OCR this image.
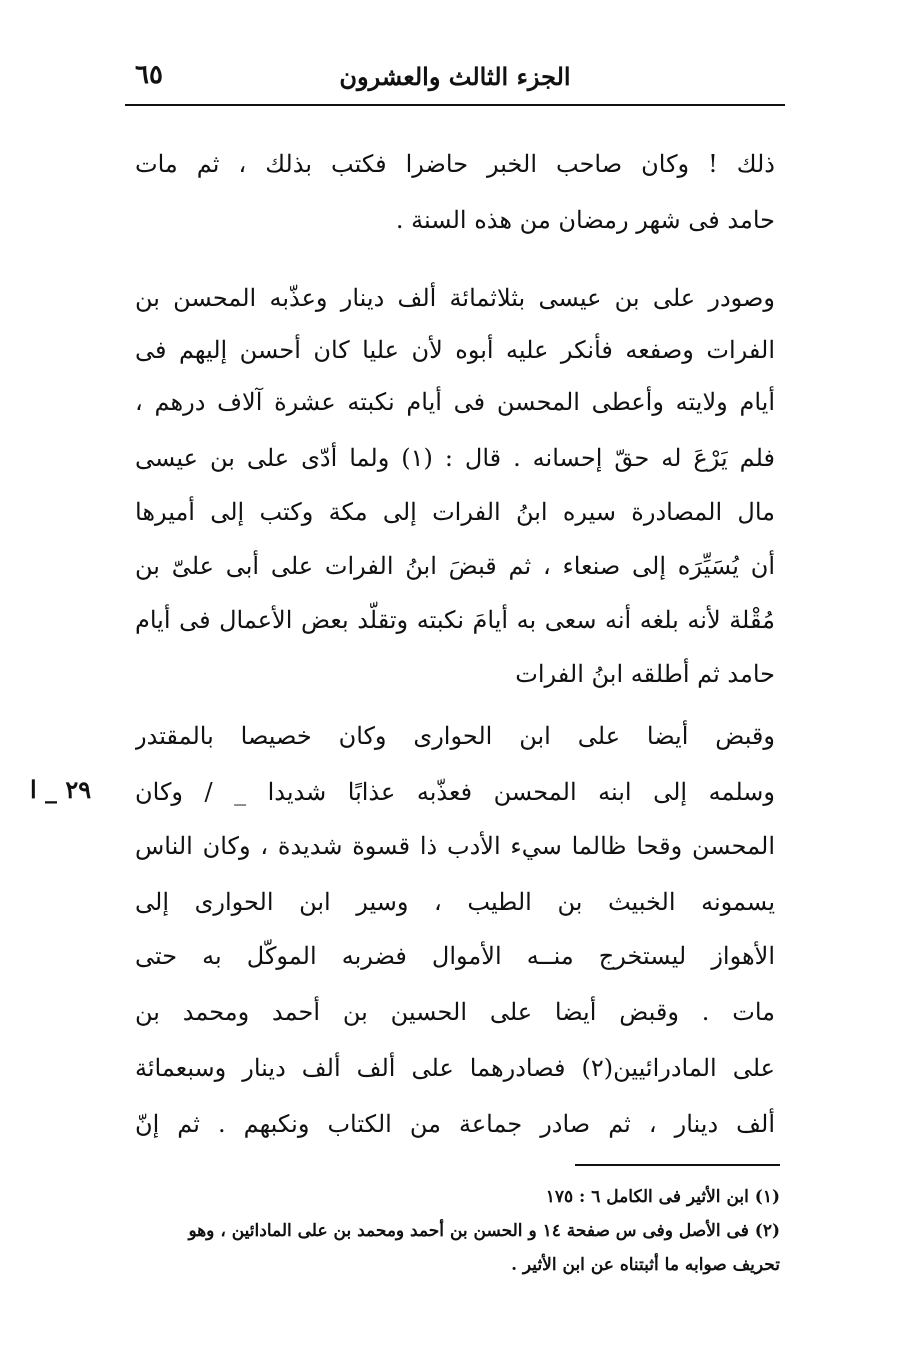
الجزء الثالث والعشرون
٦٥
ذلك ! وكان صاحب الخبر حاضرا فكتب بذلك ، ثم مات
حامد فى شهر رمضان من هذه السنة .
وصودر على بن عيسى بثلاثمائة ألف دينار وعذّبه المحسن بن
الفرات وصفعه فأنكر عليه أبوه لأن عليا كان أحسن إليهم فى
أيام ولايته وأعطى المحسن فى أيام نكبته عشرة آلاف درهم ،
فلم يَرْعَ له حقّ إحسانه . قال : (١) ولما أدّى على بن عيسى
مال المصادرة سيره ابنُ الفرات إلى مكة وكتب إلى أميرها
أن يُسَيِّرَه إلى صنعاء ، ثم قبضَ ابنُ الفرات على أبى علىّ بن
مُقْلة لأنه بلغه أنه سعى به أيامَ نكبته وتقلّد بعض الأعمال فى أيام
حامد ثم أطلقه ابنُ الفرات
وقبض أيضا على ابن الحوارى وكان خصيصا بالمقتدر
وسلمه إلى ابنه المحسن فعذّبه عذابًا شديدا _ / وكان
المحسن وقحا ظالما سيء الأدب ذا قسوة شديدة ، وكان الناس
يسمونه الخبيث بن الطيب ، وسير ابن الحوارى إلى
الأهواز ليستخرج منــه الأموال فضربه الموكّل به حتى
مات . وقبض أيضا على الحسين بن أحمد ومحمد بن
على المادرائيين(٢) فصادرهما على ألف ألف دينار وسبعمائة
ألف دينار ، ثم صادر جماعة من الكتاب ونكبهم . ثم إنّ
٢٩ _ ا
(١) ابن الأثير فى الكامل ٦ : ١٧٥
(٢) فى الأصل وفى س صفحة ١٤ و الحسن بن أحمد ومحمد بن على المادائين ، وهو
تحريف صوابه ما أثبتناه عن ابن الأثير .
